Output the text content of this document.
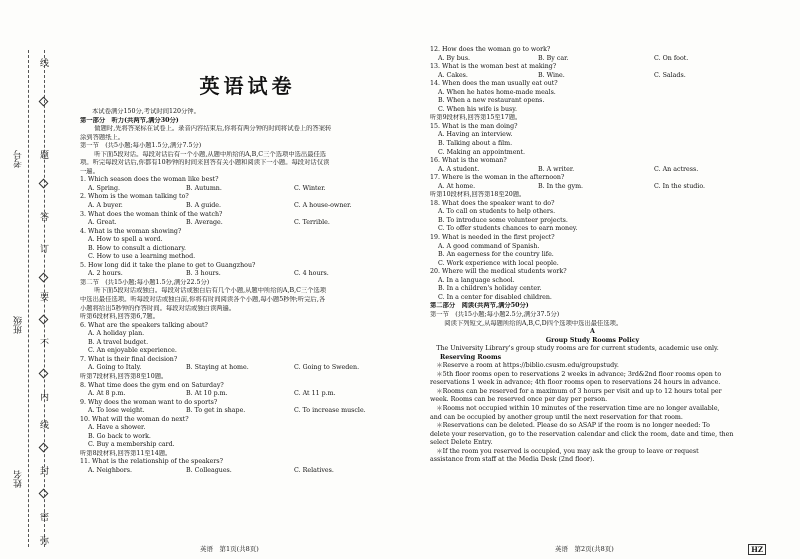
线
题
答
订
要
不
内
线
封
密
弥
考号
班级
姓名
英语试卷
本试卷满分150分,考试时间120分钟。
第一部分　听力(共两节,满分30分)
　做题时,先将答案标在试卷上。录音内容结束后,你将有两分钟的时间将试卷上的答案转
涂到答题纸上。
第一节　(共5小题;每小题1.5分,满分7.5分)
　听下面5段对话。每段对话后有一个小题,从题中所给的A,B,C三个选项中选出最佳选
项。听完每段对话后,你都有10秒钟的时间来回答有关小题和阅读下一小题。每段对话仅读
一遍。
1. Which season does the woman like best?
A. Spring.	B. Autumn.	C. Winter.
2. Whom is the woman talking to?
A. A buyer.	B. A guide.	C. A house-owner.
3. What does the woman think of the watch?
A. Great.	B. Average.	C. Terrible.
4. What is the woman showing?
A. How to spell a word.
B. How to consult a dictionary.
C. How to use a learning method.
5. How long did it take the plane to get to Guangzhou?
A. 2 hours.	B. 3 hours.	C. 4 hours.
第二节　(共15小题;每小题1.5分,满分22.5分)
　听下面5段对话或独白。每段对话或独白后有几个小题,从题中所给的A,B,C三个选项
中选出最佳选项。听每段对话或独白前,你将有时间阅读各个小题,每小题5秒钟;听完后,各
小题将给出5秒钟的作答时间。每段对话或独白读两遍。
听第6段材料,回答第6,7题。
6. What are the speakers talking about?
A. A holiday plan.
B. A travel budget.
C. An enjoyable experience.
7. What is their final decision?
A. Going to Italy.	B. Staying at home.	C. Going to Sweden.
听第7段材料,回答第8至10题。
8. What time does the gym end on Saturday?
A. At 8 p.m.	B. At 10 p.m.	C. At 11 p.m.
9. Why does the woman want to do sports?
A. To lose weight.	B. To get in shape.	C. To increase muscle.
10. What will the woman do next?
A. Have a shower.
B. Go back to work.
C. Buy a membership card.
听第8段材料,回答第11至14题。
11. What is the relationship of the speakers?
A. Neighbors.	B. Colleagues.	C. Relatives.
英语　第1页(共8页)
12. How does the woman go to work?
A. By bus.	B. By car.	C. On foot.
13. What is the woman best at making?
A. Cakes.	B. Wine.	C. Salads.
14. When does the man usually eat out?
A. When he hates home-made meals.
B. When a new restaurant opens.
C. When his wife is busy.
听第9段材料,回答第15至17题。
15. What is the man doing?
A. Having an interview.
B. Talking about a film.
C. Making an appointment.
16. What is the woman?
A. A student.	B. A writer.	C. An actress.
17. Where is the woman in the afternoon?
A. At home.	B. In the gym.	C. In the studio.
听第10段材料,回答第18至20题。
18. What does the speaker want to do?
A. To call on students to help others.
B. To introduce some volunteer projects.
C. To offer students chances to earn money.
19. What is needed in the first project?
A. A good command of Spanish.
B. An eagerness for the country life.
C. Work experience with local people.
20. Where will the medical students work?
A. In a language school.
B. In a children's holiday center.
C. In a center for disabled children.
第二部分　阅读(共两节,满分50分)
第一节　(共15小题;每小题2.5分,满分37.5分)
　阅读下列短文,从每题所给的A,B,C,D四个选项中选出最佳选项。
A
Group Study Rooms Policy
　The University Library's group study rooms are for current students, academic use only.
Reserving Rooms
　＊Reserve a room at https://biblio.csusm.edu/groupstudy.
　＊5th floor rooms open to reservations 2 weeks in advance; 3rd&2nd floor rooms open to
reservations 1 week in advance; 4th floor rooms open to reservations 24 hours in advance.
　＊Rooms can be reserved for a maximum of 3 hours per visit and up to 12 hours total per
week. Rooms can be reserved once per day per person.
　＊Rooms not occupied within 10 minutes of the reservation time are no longer available,
and can be occupied by another group until the next reservation for that room.
　＊Reservations can be deleted. Please do so ASAP if the room is no longer needed: To
delete your reservation, go to the reservation calendar and click the room, date and time, then
select Delete Entry.
　＊If the room you reserved is occupied, you may ask the group to leave or request
assistance from staff at the Media Desk (2nd floor).
英语　第2页(共8页)	HZ
